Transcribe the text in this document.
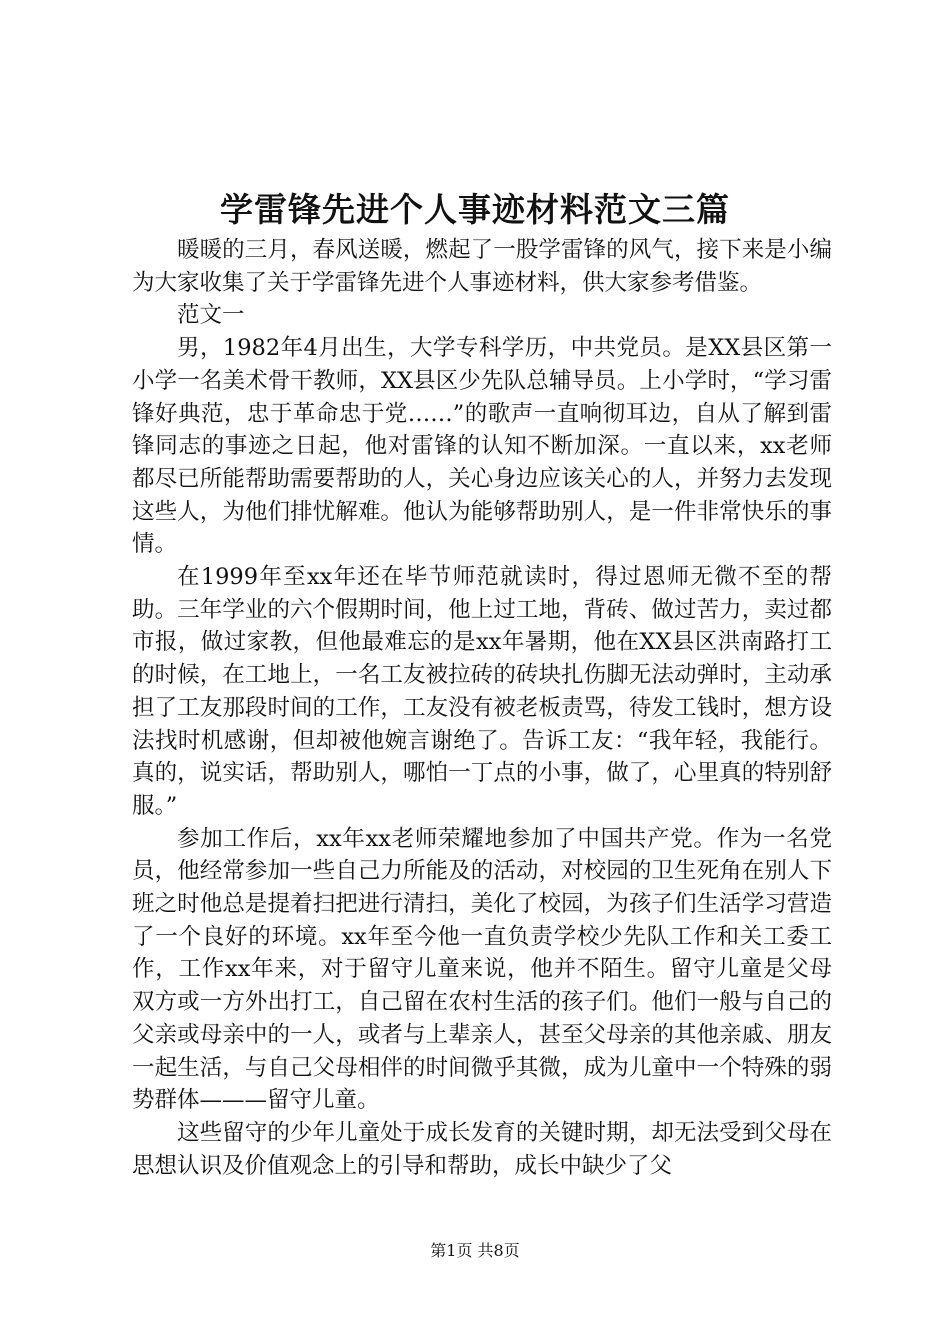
学雷锋先进个人事迹材料范文三篇

暖暖的三月，春风送暖，燃起了一股学雷锋的风气，接下来是小编为大家收集了关于学雷锋先进个人事迹材料，供大家参考借鉴。

范文一

男，1982年4月出生，大学专科学历，中共党员。是XX县区第一小学一名美术骨干教师，XX县区少先队总辅导员。上小学时，“学习雷锋好典范，忠于革命忠于党……”的歌声一直响彻耳边，自从了解到雷锋同志的事迹之日起，他对雷锋的认知不断加深。一直以来，xx老师都尽已所能帮助需要帮助的人，关心身边应该关心的人，并努力去发现这些人，为他们排忧解难。他认为能够帮助别人，是一件非常快乐的事情。

在1999年至xx年还在毕节师范就读时，得过恩师无微不至的帮助。三年学业的六个假期时间，他上过工地，背砖、做过苦力，卖过都市报，做过家教，但他最难忘的是xx年暑期，他在XX县区洪南路打工的时候，在工地上，一名工友被拉砖的砖块扎伤脚无法动弹时，主动承担了工友那段时间的工作，工友没有被老板责骂，待发工钱时，想方设法找时机感谢，但却被他婉言谢绝了。告诉工友：“我年轻，我能行。真的，说实话，帮助别人，哪怕一丁点的小事，做了，心里真的特别舒服。”

参加工作后，xx年xx老师荣耀地参加了中国共产党。作为一名党员，他经常参加一些自己力所能及的活动，对校园的卫生死角在别人下班之时他总是提着扫把进行清扫，美化了校园，为孩子们生活学习营造了一个良好的环境。xx年至今他一直负责学校少先队工作和关工委工作，工作xx年来，对于留守儿童来说，他并不陌生。留守儿童是父母双方或一方外出打工，自己留在农村生活的孩子们。他们一般与自己的父亲或母亲中的一人，或者与上辈亲人，甚至父母亲的其他亲戚、朋友一起生活，与自己父母相伴的时间微乎其微，成为儿童中一个特殊的弱势群体———留守儿童。

这些留守的少年儿童处于成长发育的关键时期，却无法受到父母在思想认识及价值观念上的引导和帮助，成长中缺少了父

第1页 共8页
